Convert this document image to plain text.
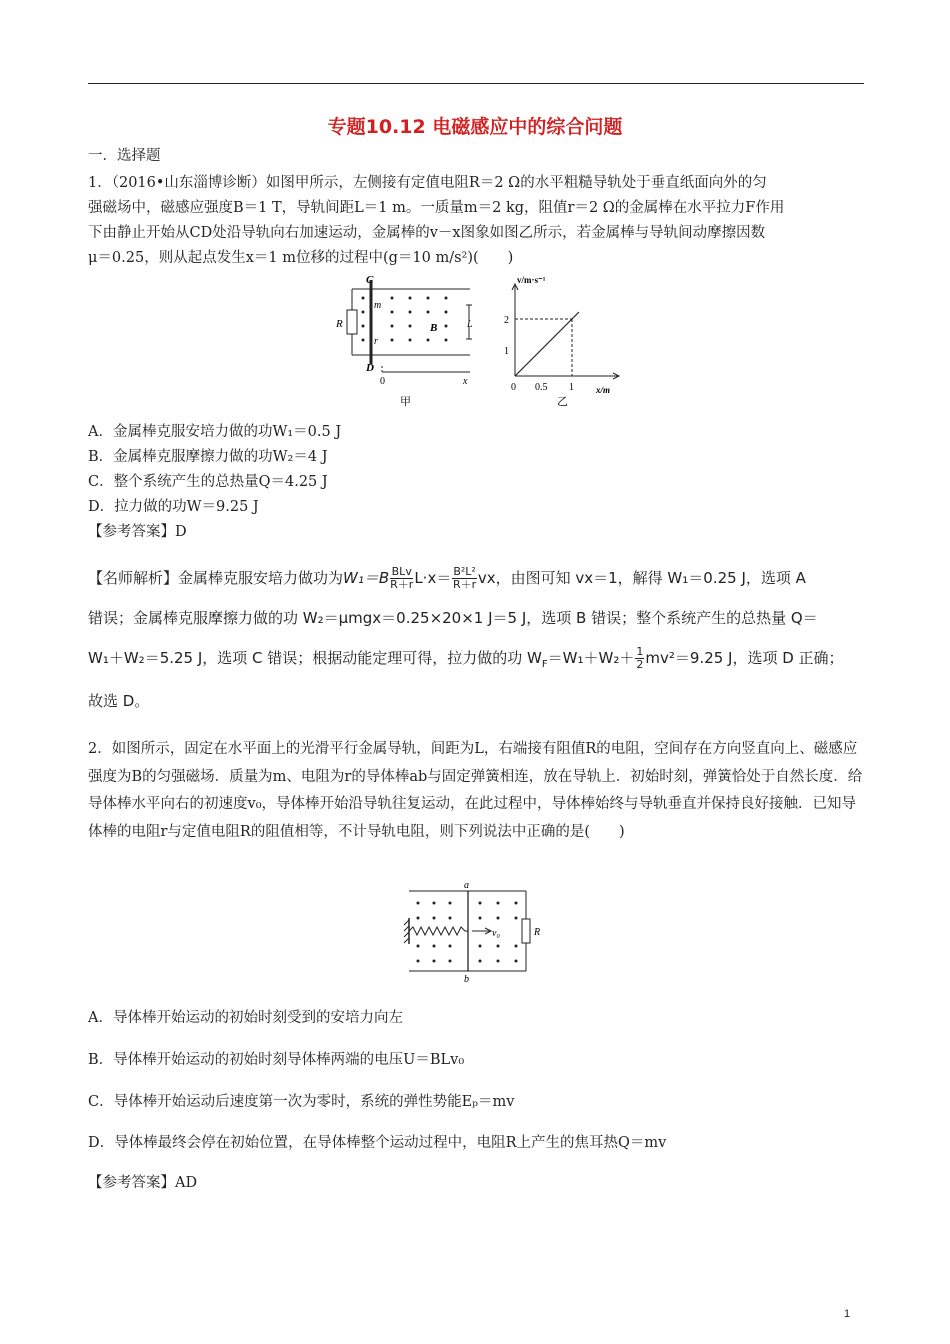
专题10.12 电磁感应中的综合问题
一．选择题
1．（2016•山东淄博诊断）如图甲所示，左侧接有定值电阻R＝2 Ω的水平粗糙导轨处于垂直纸面向外的匀
强磁场中，磁感应强度B＝1 T，导轨间距L＝1 m。一质量m＝2 kg，阻值r＝2 Ω的金属棒在水平拉力F作用
下由静止开始从CD处沿导轨向右加速运动，金属棒的v－x图象如图乙所示，若金属棒与导轨间动摩擦因数
μ＝0.25，则从起点发生x＝1 m位移的过程中(g＝10 m/s²)(　　)
C
D
R
m
r
B	L
0	x
甲
v/m·s⁻¹
x/m
1
2
0 0.5 1
乙
A．金属棒克服安培力做的功W₁＝0.5 J
B．金属棒克服摩擦力做的功W₂＝4 J
C．整个系统产生的总热量Q＝4.25 J
D．拉力做的功W＝9.25 J
【参考答案】D

【名师解析】金属棒克服安培力做功为$W_1=B \frac{\text{BLv}}{R+r} L\cdot x= \frac{\text{B²L²}}{R+r}$ vx，由图可知 vx＝1，解得 W₁＝0.25 J，选项 A

错误；金属棒克服摩擦力做的功 W₂＝μmgx＝0.25×20×1 J＝5 J，选项 B 错误；整个系统产生的总热量 Q＝

W₁＋W₂＝5.25 J，选项 C 错误；根据动能定理可得，拉力做的功 $W_F=W_1+W_2+ \frac{1}{2} mv^2=9.25$ J，选项 D 正确；

故选 D。

2．如图所示，固定在水平面上的光滑平行金属导轨，间距为L，右端接有阻值R的电阻，空间存在方向竖直向上、磁感应强度为B的匀强磁场．质量为m、电阻为r的导体棒ab与固定弹簧相连，放在导轨上．初始时刻，弹簧恰处于自然长度．给导体棒水平向右的初速度v₀，导体棒开始沿导轨往复运动，在此过程中，导体棒始终与导轨垂直并保持良好接触．已知导体棒的电阻r与定值电阻R的阻值相等，不计导轨电阻，则下列说法中正确的是(　　)
a
b
v₀	R
A．导体棒开始运动的初始时刻受到的安培力向左
B．导体棒开始运动的初始时刻导体棒两端的电压U＝BLv₀
C．导体棒开始运动后速度第一次为零时，系统的弹性势能Eₚ＝mv
D．导体棒最终会停在初始位置，在导体棒整个运动过程中，电阻R上产生的焦耳热Q＝mv
【参考答案】AD
1
